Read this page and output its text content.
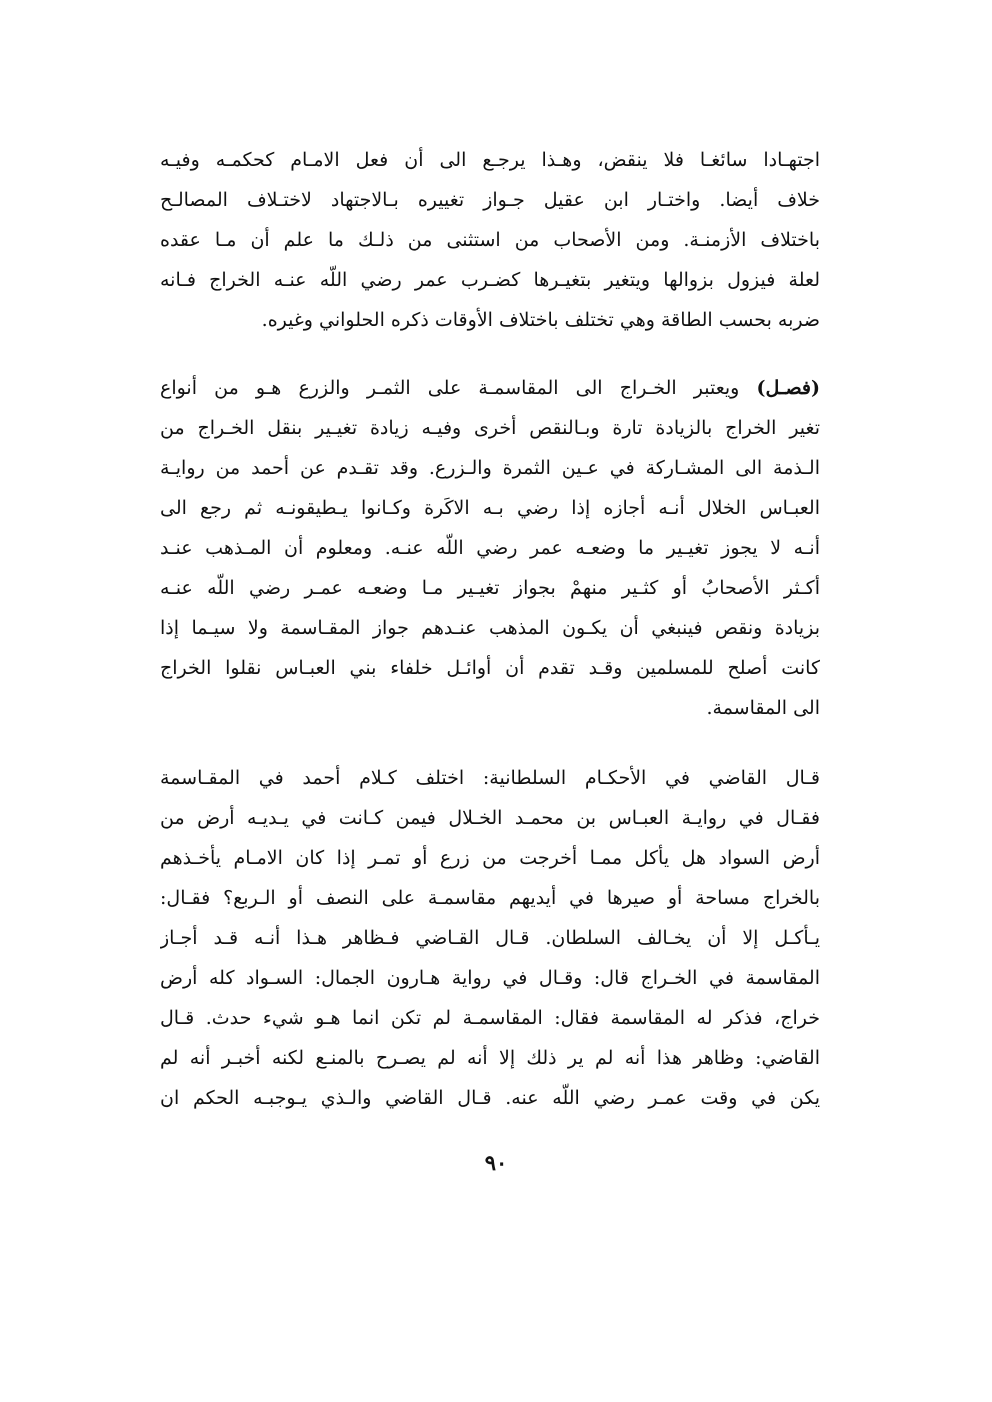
اجتهـادا سائغـا فلا ينقض، وهـذا يرجـع الى أن فعل الامـام كحكمـه وفيـه
خلاف أيضا. واختـار ابن عقيل جـواز تغييره بـالاجتهاد لاختـلاف المصالـح
باختلاف الأزمنـة. ومن الأصحاب من استثنى من ذلـك ما علم أن مـا عقده
لعلة فيزول بزوالها ويتغير بتغيـرها كضـرب عمر رضي اللّه عنـه الخراج فـانه
ضربه بحسب الطاقة وهي تختلف باختلاف الأوقات ذكره الحلواني وغيره.
(فصـل) ويعتبر الخـراج الى المقاسمـة على الثمـر والزرع هـو من أنواع
تغير الخراج بالزيادة تارة وبـالنقص أخرى وفيـه زيادة تغيـير بنقل الخـراج من
الـذمة الى المشـاركة في عـين الثمرة والـزرع. وقد تقـدم عن أحمد من روايـة
العبـاس الخلال أنـه أجازه إذا رضي بـه الاكَرة وكـانوا يـطيقونـه ثم رجع الى
أنـه لا يجوز تغيـير ما وضعـه عمر رضي اللّه عنـه. ومعلوم أن المـذهب عنـد
أكـثر الأصحابُ أو كثـير منهمْ بجواز تغيـير مـا وضعـه عمـر رضي اللّه عنـه
بزيادة ونقص فينبغي أن يكـون المذهب عنـدهم جواز المقـاسمة ولا سيـما إذا
كانت أصلح للمسلمين وقـد تقدم أن أوائـل خلفاء بني العبـاس نقلوا الخراج
الى المقاسمة.
قـال القاضي في الأحكـام السلطانية: اختلف كـلام أحمد في المقـاسمة
فقـال في روايـة العبـاس بن محمـد الخـلال فيمن كـانت في يـديـه أرض من
أرض السواد هل يأكل ممـا أخرجت من زرع أو تمـر إذا كان الامـام يأخـذهم
بالخراج مساحة أو صيرها في أيديهم مقاسمـة على النصف أو الـربع؟ فقـال:
يـأكـل إلا أن يخـالف السلطان. قـال القـاضي فـظاهر هـذا أنـه قـد أجـاز
المقاسمة في الخـراج قال: وقـال في رواية هـارون الجمال: السـواد كله أرض
خراج، فذكر له المقاسمة فقال: المقاسمـة لم تكن انما هـو شيء حدث. قـال
القاضي: وظاهر هذا أنه لم ير ذلك إلا أنه لم يصـرح بالمنـع لكنه أخبـر أنه لم
يكن في وقت عمـر رضي اللّه عنه. قـال القاضي والـذي يـوجبـه الحكم ان
٩٠
